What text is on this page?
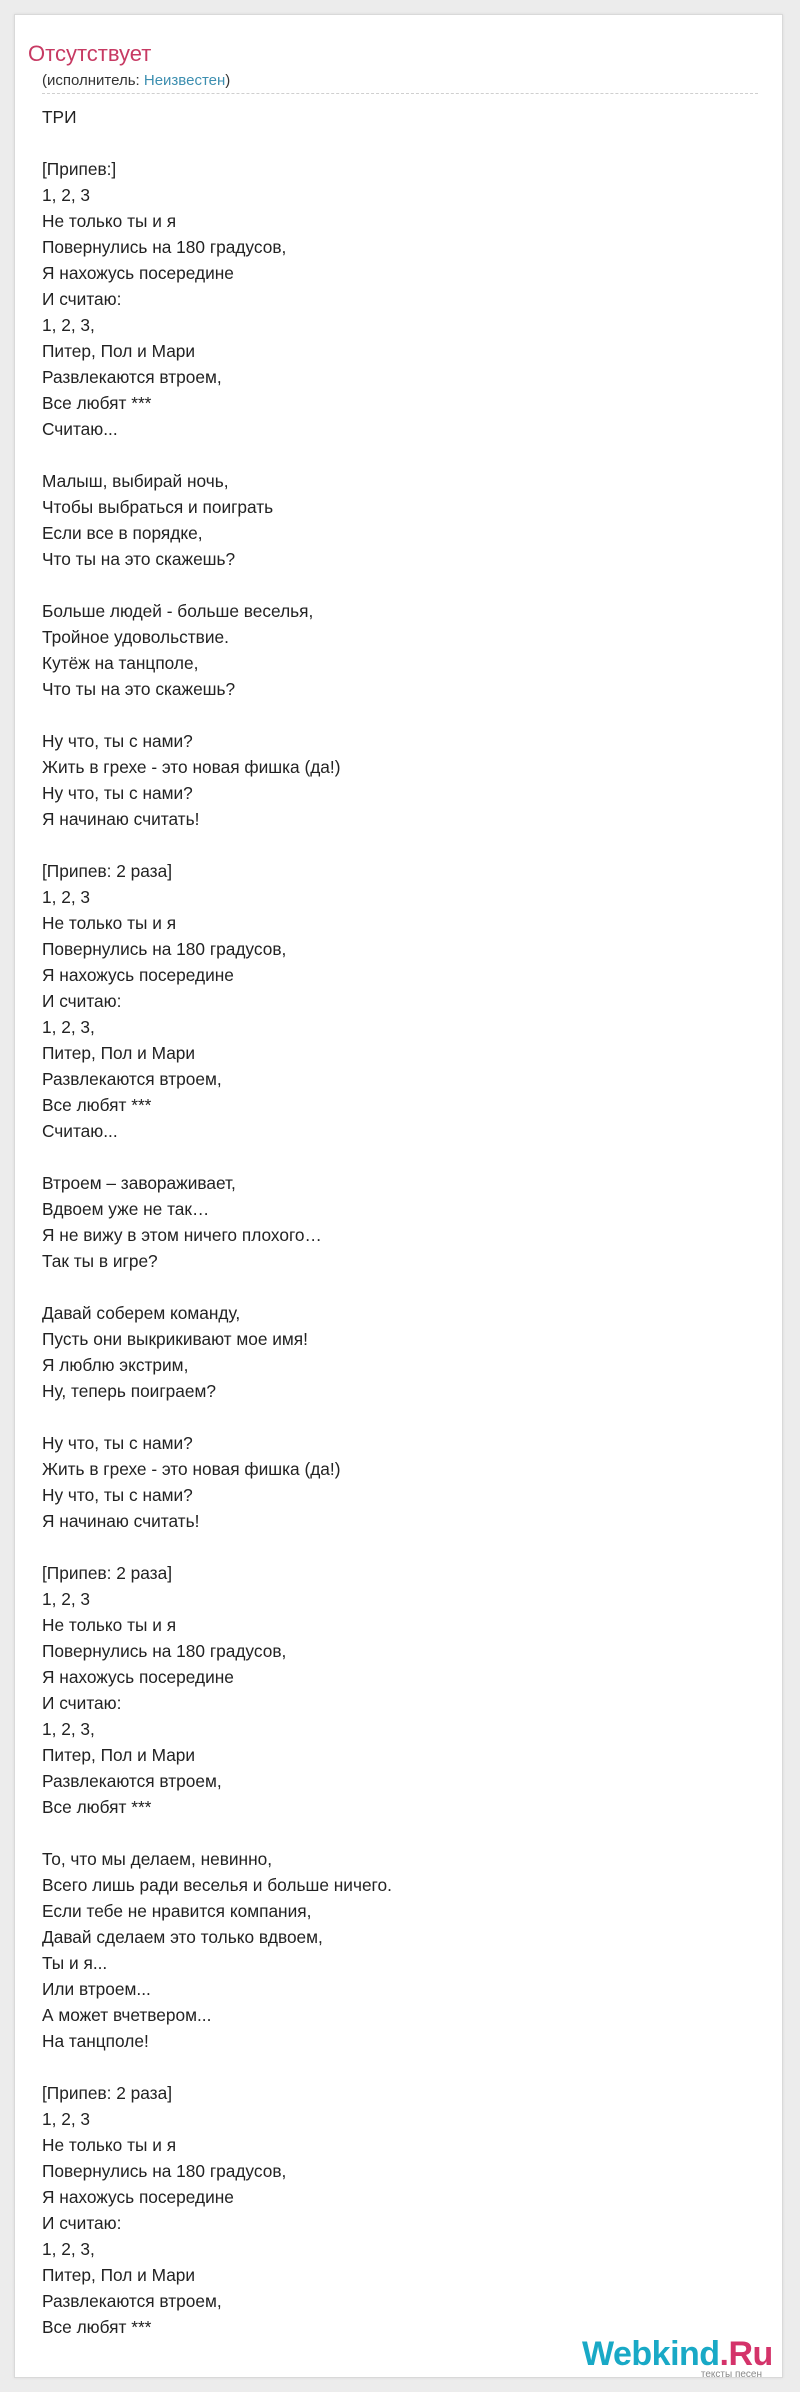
Отсутствует
(исполнитель: Неизвестен)
ТРИ
[Припев:]
1, 2, 3
Не только ты и я
Повернулись на 180 градусов,
Я нахожусь посередине
И считаю:
1, 2, 3,
Питер, Пол и Мари
Развлекаются втроем,
Все любят ***
Считаю...
Малыш, выбирай ночь,
Чтобы выбраться и поиграть
Если все в порядке,
Что ты на это скажешь?
Больше людей - больше веселья,
Тройное удовольствие.
Кутёж на танцполе,
Что ты на это скажешь?
Ну что, ты с нами?
Жить в грехе - это новая фишка (да!)
Ну что, ты с нами?
Я начинаю считать!
[Припев: 2 раза]
1, 2, 3
Не только ты и я
Повернулись на 180 градусов,
Я нахожусь посередине
И считаю:
1, 2, 3,
Питер, Пол и Мари
Развлекаются втроем,
Все любят ***
Считаю...
Втроем – завораживает,
Вдвоем уже не так…
Я не вижу в этом ничего плохого…
Так ты в игре?
Давай соберем команду,
Пусть они выкрикивают мое имя!
Я люблю экстрим,
Ну, теперь поиграем?
Ну что, ты с нами?
Жить в грехе - это новая фишка (да!)
Ну что, ты с нами?
Я начинаю считать!
[Припев: 2 раза]
1, 2, 3
Не только ты и я
Повернулись на 180 градусов,
Я нахожусь посередине
И считаю:
1, 2, 3,
Питер, Пол и Мари
Развлекаются втроем,
Все любят ***
То, что мы делаем, невинно,
Всего лишь ради веселья и больше ничего.
Если тебе не нравится компания,
Давай сделаем это только вдвоем,
Ты и я...
Или втроем...
А может вчетвером...
На танцполе!
[Припев: 2 раза]
1, 2, 3
Не только ты и я
Повернулись на 180 градусов,
Я нахожусь посередине
И считаю:
1, 2, 3,
Питер, Пол и Мари
Развлекаются втроем,
Все любят ***
Webkind.Ru
тексты песен
